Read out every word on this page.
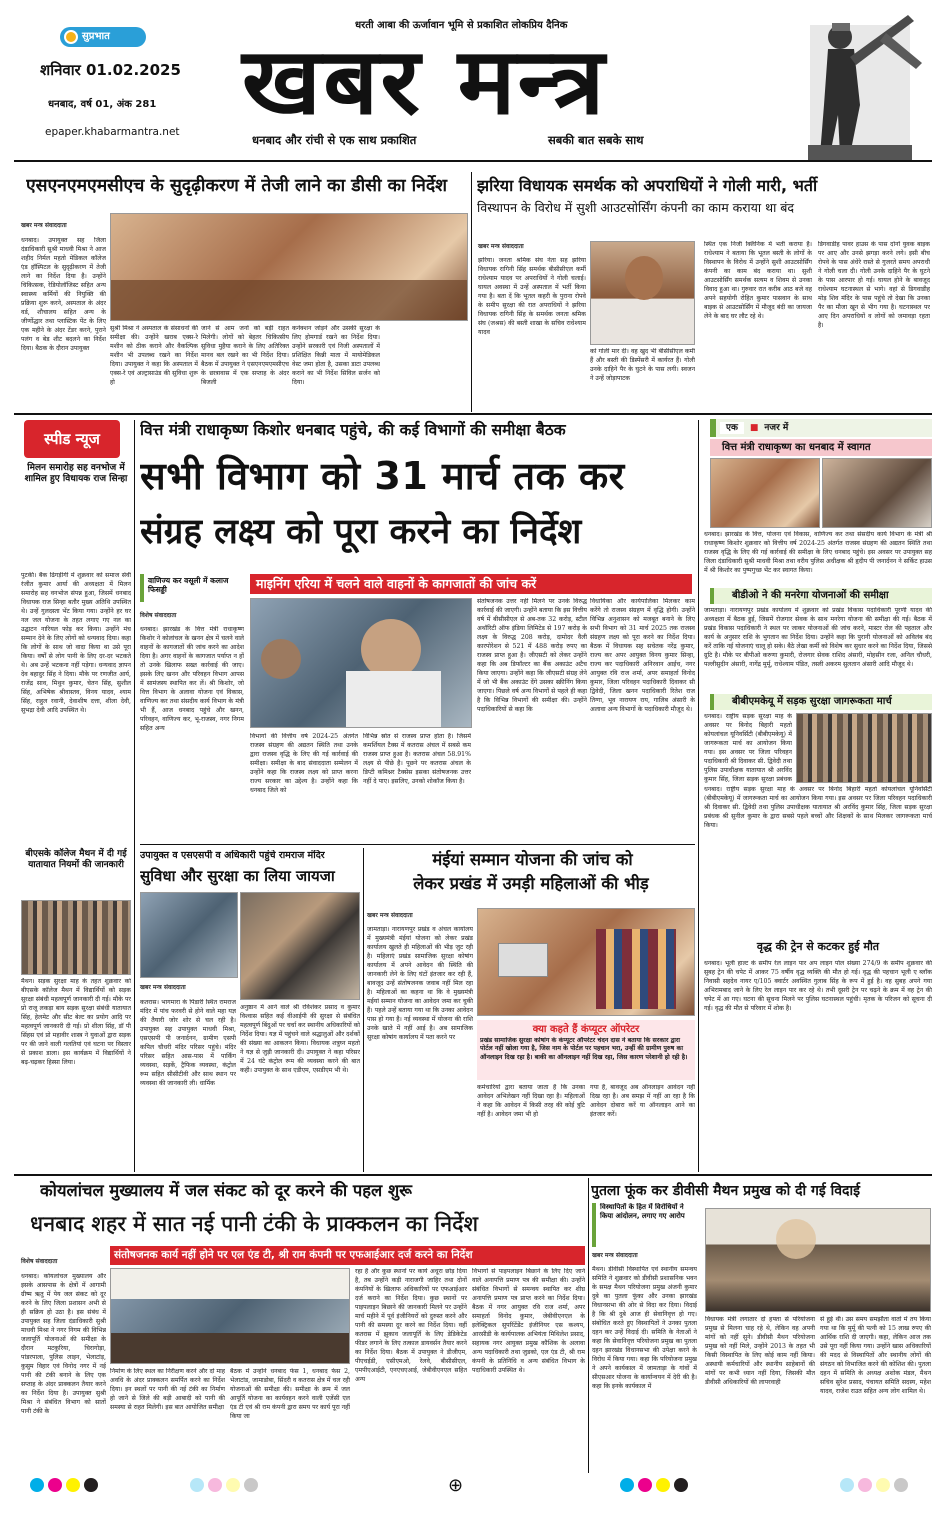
सुप्रभात
धरती आबा की ऊर्जावान भूमि से प्रकाशित लोकप्रिय दैनिक
शनिवार 01.02.2025
धनबाद, वर्ष 01, अंक 281
epaper.khabarmantra.net खबर मन्त्र
धनबाद और रांची से एक साथ प्रकाशित	सबकी बात सबके साथ
एसएनएमएमसीएच के सुदृढ़ीकरण में तेजी लाने का डीसी का निर्देश
खबर मन्त्र संवाददाता
धनबाद। उपायुक्त सह जिला दंडाधिकारी सुश्री माधवी मिश्रा ने आज शहीद निर्मल महतो मेडिकल कॉलेज एंड हॉस्पिटल के सुदृढ़ीकरण में तेजी लाने का निर्देश दिया है। उन्होंने चिकित्सक, रेडियोलॉजिस्ट सहित अन्य स्वास्थ्य कर्मियों की नियुक्ति की प्रक्रिया शुरू करने, अस्पताल के अंदर वर्ड, शौचालय सहित अन्य के जीर्णोद्धार तथा प्लास्टिक पेंट के लिए एक महीने के अंदर टेंडर करने, पुराने पलंग व बेड शीट बदलने का निर्देश दिया। बैठक के दौरान उपायुक्त
सुश्री मिश्रा ने अस्पताल के संसाधनों की समीक्षा की। उन्होंने खराब एक्स-रे मशीन को ठीक कराने और वैकल्पिक मशीन भी उपलब्ध रखने का निर्देश दिया। उपायुक्त ने कहा कि अस्पताल में एक्स-रे एवं अल्ट्रासाउंड की सुविधा शुरू हो
जाने से आम जनों को बड़ी राहत मिलेगी। लोगों को बेहतर चिकित्सीय सुविधा मुहैया कराने के लिए अतिरिक्त मानव बल रखने का भी निर्देश दिया। बैठक में उपायुक्त ने एसएनएमएमसीएच के छात्रावास में एक सप्ताह के अंदर बिजली
कनेक्शन जोड़ने और उसकी सुरक्षा के लिए होमगार्ड रखने का निर्देश दिया। उन्होंने सरकारी एवं निजी अस्पतालों में प्रशिक्षित किन्नी माता में मायोमेडिकल वेस्ट जमा होता है, उसका डाटा उपलब्ध कराने का भी निर्देश सिविल सर्जन को दिया।
झरिया विधायक समर्थक को अपराधियों ने गोली मारी, भर्ती
विस्थापन के विरोध में सुशी आउटसोर्सिंग कंपनी का काम कराया था बंद
खबर मन्त्र संवाददाता
झरिया। जनता श्रमिक संघ नेता सह झरिया विधायक रागिनी सिंह समर्थक बीसीसीएल कर्मी राधेश्याम यादव पर अपराधियों ने गोली चलाई। घायल अवस्था में उन्हें अस्पताल में भर्ती किया गया है। बता दें कि भूतल कहरी के पुराना रोपवे के समीप सुरक्षा की रात अपराधियों ने झरिया विधायक रागिनी सिंह के समर्थक जनता श्रमिक संघ (जश्रस) की बस्ती शाखा के सचिव राधेश्याम यादव
को गोली मार दी। वह खुद भी बीसीसीएल कर्मी हैं और बस्ती की डिस्पेंसरी में कार्यरत हैं। गोली उनके दाहिने पैर के घुटने के पास लगी। स्वजन ने उन्हें जोड़ापाटक
स्थित एक निजी क्लिनिक में भर्ती कराया है। राधेश्याम ने बताया कि भूतल बस्ती के लोगों के विस्थापन के विरोध में उन्होंने सुशी आउटसोर्सिंग कंपनी का काम बंद कराया था। सुशी आउटसोर्सिंग समर्थक सत्यम व शिवम से उनका विवाद हुआ था। गुरुवार रात करीब आठ बजे वह अपने सहयोगी रोहित कुमार पासवान के साथ बाइक से आउटसोर्सिंग में मौजूद बंदी का जायजा लेने के बाद घर लौट रहे थे।
डिगवाडीह पावर हाउस के पास दोनों युवक बाइक पर आए और उनसे झगड़ा करने लगे। इसी बीच रोपवे के पास अंधेरे रास्ते से गुजरते समय अपराधी ने गोली चला दी। गोली उनके दाहिने पैर के घुटने के पास आरपार हो गई। घायल होने के बावजूद राधेश्याम घटनास्थल से भागे। वहां से डिगवाडीह मोड़ शिव मंदिर के पास पहुंचे तो देखा कि उनका पैर का मौजा खून से भीग गया है। घटनास्थल पर आए दिन अपराधियों व लोगों को जमावड़ा रहता है।
स्पीड न्यूज
मिलन समारोह सह वनभोज में शामिल हुए विधायक राज सिन्हा
पुटकी। बैंक ढिगड़ीगी में शुक्रवार को समाज सेवी रंजीत कुमार आर्या की अध्यक्षता में मिलन समारोह सह वनभोज संपन्न हुआ, जिसमें धनबाद विधायक राज सिन्हा बतौर मुख्य अतिथि उपस्थित थे। उन्हें गुलदस्ता भेंट किया गया। उन्होंने हर घर नल जल योजना के तहत लगाए गए नल का उद्घाटन नारियल फोड़ कर किया। उन्होंने मंच सम्मान देने के लिए लोगों को धन्यवाद दिया। कहा कि लोगों के साथ जो वादा किया था उसे पूरा किया। वर्षों से लोग पानी के लिए दर-दर भटकते थे। अब उन्हें भटकना नहीं पड़ेगा। धन्यवाद ज्ञापन देव बहादुर सिंह ने दिया। मौके पर रणजीत आर्य, राजेंद्र साव, मिथुन कुमार, चेतन सिंह, सुशील सिंह, अभिषेक श्रीवास्तव, विनय यादव, श्याम सिंह, राहुल रवानी, देवाशीष दत्ता, शीला देवी, सुभद्रा देवी आदि उपस्थित थे।
बीएसके कॉलेज मैथन में दी गई यातायात नियमों की जानकारी
मैथन। सड़क सुरक्षा माह के तहत शुक्रवार को बीएसके कॉलेज मैथन में विद्यार्थियों को सड़क सुरक्षा संबंधी महत्वपूर्ण जानकारी दी गई। मौके पर प्रो राजू लकड़ा बाय सड़क सुरक्षा संबंधी यातायात सिंह, हेलमेट और सीट बेल्ट का प्रयोग आदि पर महत्वपूर्ण जानकारी दी गई। प्रो शीला सिंह, डॉ पी सिंहस एवं प्रो महावीर शास्त्र ने युवाओं द्वारा सड़क पर की जाने वाली गलतियां एवं घटना पर विस्तार से प्रकाश डाला। इस कार्यक्रम में विद्यार्थियों ने बढ़-चढ़कर हिस्सा लिया।
वित्त मंत्री राधाकृष्ण किशोर धनबाद पहुंचे, की कई विभागों की समीक्षा बैठक
सभी विभाग को 31 मार्च तक कर
संग्रह लक्ष्य को पूरा करने का निर्देश
माइनिंग एरिया में चलने वाले वाहनों के कागजातों की जांच करें
वाणिज्य कर वसूली में कलाज फिसड्डी
विशेष संवाददाता
धनबाद। झारखंड के वित्त मंत्री राधाकृष्ण किशोर ने कोलांचल के खनन क्षेत्र में चलने वाले वाहनों के कागजातों की जांच करने का आदेश दिया है। अगर वाहनों के कागजात पर्याप्त न हों तो उनके खिलाफ सख्त कार्रवाई की जाए। इसके लिए खनन और परिवहन विभाग आपस में सामंजस्य स्थापित कर लें। श्री किशोर, जो वित्त विभाग के अलावा योजना एवं विकास, वाणिज्य कर तथा संसदीय कार्य विभाग के मंत्री भी हैं, आज धनबाद पहुंचे और खनन, परिवहन, वाणिज्य कर, भू-राजस्व, नगर निगम सहित अन्य
विभागों की वित्तीय वर्ष 2024-25 अंतर्गत राजस्व संग्रहण की अद्यतन स्थिति तथा उनके द्वारा राजस्व वृद्धि के लिए की गई कार्रवाई की समीक्षा। समीक्षा के बाद संवाददाता सम्मेलन में उन्होंने कहा कि राजस्व लक्ष्य को प्राप्त करना राज्य सरकार का उद्देश्य है। उन्होंने कहा कि धनबाद जिले को
विभिन्न स्रोत से राजस्व प्राप्त होता है। जिसमें कमर्शियल टैक्स में कतरास अंचल में सबसे कम राजस्व प्राप्त हुआ है। कतरास अंचल 58.91% लक्ष्य से पीछे है। पूछने पर कतरास अंचल के डिप्टी कमिश्नर टैक्सेस इसका संतोषजनक उत्तर नहीं दे पाए। इसलिए, उनको शोकॉज किया है।
संतोषजनक उत्तर नहीं मिलने पर उनके विरुद्ध कार्रवाई की जाएगी। उन्होंने बताया कि इस वित्तीय वर्ष में बीसीसीएल से अब-तक 32 करोड़, स्टील अथॉरिटी ऑफ इंडिया लिमिटेड से 197 करोड़ के लक्ष्य के विरुद्ध 208 करोड़, दामोदर वैली कारपोरेशन से 521 में 488 करोड़ रुपए का राजस्व प्राप्त हुआ है। जीएसटी को लेकर उन्होंने कहा कि अब डिफॉल्टर का बैंक अकाउंट अटैच किया जाएगा। उन्होंने कहा कि जीएसटी संग्रह लेने में जो भी बैंक अकाउंट देंगे उसका स्क्रीनिंग किया जाएगा। पिछले वर्ष अन्य विभागों से पहले ही कहा है कि विभिन्न विभागों की समीक्षा की। उन्होंने पदाधिकारियों से कहा कि
विधायिका और कार्यपालिका मिलकर काम करेंगे तो राजस्व संग्रहण में वृद्धि होगी। उन्होंने विभिन्न अनुशासन को मजबूत बनाने के लिए सभी विभाग को 31 मार्च 2025 तक राजस्व संग्रहण लक्ष्य को पूरा करने का निर्देश दिया। बैठक में विधायक सह सचेतक नरेंद्र कुमार, राज्य कर अपर आयुक्त विनय कुमार सिन्हा, राज्य कर पदाधिकारी अनिरवान आईच, नगर आयुक्त रवि राज शर्मा, अपर समाहर्ता विनोद कुमार, जिला परिवहन पदाधिकारी दिवाकर सी द्विवेदी, जिला खनन पदाधिकारी रितेश राज तिग्गा, भूव नारायण राय, गालिब अंसारी के अलावा अन्य विभागों के पदाधिकारी मौजूद थे।
एक	■ नजर में
वित्त मंत्री राधाकृष्ण का धनबाद में स्वागत
धनबाद। झारखंड के वित्त, योजना एवं विकास, वाणिज्य कर तथा संसदीय कार्य विभाग के मंत्री श्री राधाकृष्ण किशोर शुक्रवार को वित्तीय वर्ष 2024-25 अंतर्गत राजस्व संग्रहण की अद्यतन स्थिति तथा राजस्व वृद्धि के लिए की गई कार्रवाई की समीक्षा के लिए धनबाद पहुंचे। इस अवसर पर उपायुक्त सह जिला दंडाधिकारी सुश्री माधवी मिश्रा तथा वरीय पुलिस अधीक्षक श्री हृदीप पी जनार्दनन ने सर्किट हाउस में श्री किशोर का पुष्पगुच्छ भेंट कर स्वागत किया।
बीडीओ ने की मनरेगा योजनाओं की समीक्षा
जामताड़ा। नारायणपुर प्रखंड कार्यालय में शुक्रवार को प्रखंड विकास पदाधिकारी पूरणी यादव की अध्यक्षता में बैठक हुई, जिसमें रोजगार सेवक के साथ मनरेगा योजना की समीक्षा की गई। बैठक में प्रखंड विकास पदाधिकारी ने स्थल पर जाकर योजनाओं की जांच करने, मास्टर रोल की पहताल और कार्य के अनुसार राशि के भुगतान का निर्देश दिया। उन्होंने कहा कि पुरानी योजनाओं को अविलंब बंद करें ताकि नई योजनाएं चालू हो सके। बैठे लेखा कर्मी को विशेष कर सुधार करने का निर्देश दिया, जिससे ग्रुटि है। मौके पर बीपीओ करुणा कुमारी, रोजगार सेवक राशिद अंसारी, मोहसीन रजा, अनिल चौधरी, पल्लीसुदीन अंसारी, नागेंद्र मुर्मू, राधेश्याम पंडित, तस्ली अकरम सुलतान अंसारी आदि मौजूद थे।
बीबीएमकेयू में सड़क सुरक्षा जागरूकता मार्च
धनबाद। राष्ट्रीय सड़क सुरक्षा माह के अवसर पर बिनोद बिहारी महतो कोयलांचल यूनिवर्सिटी (बीबीएमकेयू) में जागरूकता मार्च का आयोजन किया गया। इस अवसर पर जिला परिवहन पदाधिकारी श्री दिवाकर सी. द्विवेदी तथा पुलिस उपाधीक्षक यातायात श्री अरविंद कुमार सिंह, जिला सड़क सुरक्षा प्रबंधक
धनबाद। राष्ट्रीय सड़क सुरक्षा माह के अवसर पर बिनोद बिहारी महतो कोयलांचल यूनिवर्सिटी (बीबीएमकेयू) में जागरूकता मार्च का आयोजन किया गया। इस अवसर पर जिला परिवहन पदाधिकारी श्री दिवाकर सी. द्विवेदी तथा पुलिस उपाधीक्षक यातायात श्री अरविंद कुमार सिंह, जिला सड़क सुरक्षा प्रबंधक श्री सुनील कुमार के द्वारा सबसे पहले बच्चों और शिक्षकों के साथ मिलकर जागरूकता मार्च किया।
वृद्ध की ट्रेन से कटकर हुई मौत
धनबाद। भूली हाल्ट के समीप रेल लाइन पार अप लाइन पोल संख्या 274/9 के समीप शुक्रवार की सुबह ट्रेन की चपेट में आकर 75 वर्षीय वृद्ध व्यक्ति की मौत हो गई। वृद्ध की पहचान भूली ए ब्लॉक निवासी सहदेव नायर ए/105 क्वार्टर अवस्थित गुलाब सिंह के रूप में हुई है। वह सुबह अपने गया अभिरामबाद जाने के लिए रेल लाइन पार कर रहे थे। तभी दूसरी ट्रेन पर चढ़ने के क्रम में वह ट्रेन की चपेट में आ गए। घटना की सूचना मिलने पर पुलिस घटनास्थल पहुंची। मृतक के परिजन को सूचना दी गई। वृद्ध की मौत से परिवार में शोक है।
उपायुक्त व एसएसपी व अधिकारी पहुंचे रामराज मंदिर
सुविधा और सुरक्षा का लिया जायजा
खबर मन्त्र संवाददाता
कतरास। भागमारा के पिंडारी स्थित रामराज मंदिर में पांच फरवरी से होने वाले महा यज्ञ की तैयारी जोर शोर से चल रही है। उपायुक्त सह उपायुक्त माधवी मिश्रा, एसएसपी पी जनार्दनन, ग्रामीण एसपी कपिल चौधरी मंदिर परिसर पहुंचे। मंदिर परिसर सहित आस-पास में पार्किंग व्यवस्था, सड़कें, ट्रैफिक व्यवस्था, कंट्रोल रूम सहित सीसीटीवी और साथ स्थान पर व्यवस्था की जानकारी ली। धार्मिक
अनुष्ठान में आने वाले श्री रविशंकर प्रसाद व कुमार विश्वास सहित कई वीआईपी की सुरक्षा से संबंधित महत्वपूर्ण बिंदुओं पर चर्चा कर स्थानीय अधिकारियों को निर्देश दिया। यज्ञ में पहुंचने वाले श्रद्धालुओं और दर्शकों की संख्या का आकलन किया। विधायक शत्रुघ्न महतो ने यज्ञ से जुड़ी जानकारी दी। उपायुक्त ने कहा परिसर में 24 घंटे कंट्रोल रूम की व्यवस्था करने की बात कही। उपायुक्त के साथ एडीएम, एसडीएम भी थे।
मंईयां सम्मान योजना की जांच को
लेकर प्रखंड में उमड़ी महिलाओं की भीड़
खबर मन्त्र संवाददाता
जामताड़ा। नारायणपुर प्रखंड व अंचल कार्यालय में मुख्यमंत्री मंईयां योजना को लेकर प्रखंड कार्यालय खुलते ही महिलाओं की भीड़ जुट रही है। महिलाएं प्रखंड सामाजिक सुरक्षा कोषांग कार्यालय में अपने आवेदन की स्थिति की जानकारी लेने के लिए घंटों इंतजार कर रही हैं, बावजूद उन्हें संतोषजनक जवाब नहीं मिल रहा है। महिलाओं का कहना था कि वे मुख्यमंत्री मईयां सम्मान योजना का आवेदन जमा कर चुकी हैं। पहले उन्हें बताया गया था कि उनका आवेदन पास हो गया है। नई व्यवस्था में योजना की राशि उनके खाते में नहीं आई है। अब सामाजिक सुरक्षा कोषांग कार्यालय में पता करने पर
क्या कहते हैं कंप्यूटर ऑपरेटर
प्रखंड सामाजिक सुरक्षा कोषांग के कंप्यूटर ऑपरेटर चंदन दास ने बताया कि सरकार द्वारा पोर्टल नहीं खोला गया है, जिस नाम के पोर्टल पर पहचान भरा, उन्हीं की ग्रामीण पुरुष का ऑनलाइन दिख रहा है। बाकी का ऑनलाइन नहीं दिख रहा, जिस कारण परेशानी हो रही है।
कर्मचारियों द्वारा बताया जाता है कि उनका आवेदन अभिलेखन नहीं दिखा रहा है। महिलाओं ने कहा कि आवेदन में किसी तरह की कोई त्रुटि नहीं है। आवेदन जमा भी हो
गया है, बावजूद अब ऑनलाइन आवेदन नहीं दिख रहा है। अब समझ में नहीं आ रहा है कि आवेदन दोबारा करें या ऑनलाइन आने का इंतजार करें।
कोयलांचल मुख्यालय में जल संकट को दूर करने की पहल शुरू
धनबाद शहर में सात नई पानी टंकी के प्राक्कलन का निर्देश
संतोषजनक कार्य नहीं होने पर एल एंड टी, श्री राम कंपनी पर एफआईआर दर्ज करने का निर्देश
विशेष संवाददाता
धनबाद। कोयलांचल मुख्यालय और इसके आसपास के क्षेत्रों में आगामी ग्रीष्म ऋतु में पेय जल संकट को दूर करने के लिए जिला प्रशासन अभी से ही सक्रिय हो उठा है। इस संबंध में उपायुक्त सह जिला दंडाधिकारी सुश्री माधवी मिश्रा ने नगर निगम की विभिन्न जलापूर्ति योजनाओं की समीक्षा के दौरान मटकुरिया, चिरागोड़ा, पांडरपाला, पुलिस लाइन, भेलाटांड़, कुसुम विहार एवं विनोद नगर में नई पानी की टंकी बनाने के लिए एक सप्ताह के अंदर प्राक्कलन तैयार करने का निर्देश दिया है। उपायुक्त सुश्री मिश्रा ने संबंधित विभाग को सातों पानी टंकी के
निर्माण के लिए स्थल का निरीक्षण करने और दो माह अवधि के अंदर प्राक्कलन समर्पित करने का निर्देश दिया। इन स्थलों पर पानी की नई टंकी का निर्माण हो जाने से जिले की बड़ी आबादी को पानी की समस्या से राहत मिलेगी। इस बात आयोजित समीक्षा
बैठक में उन्होंने धनबाद फेस 1, धनबाद फेस 2, भेलाटांड, जामाडोबा, सिंदरी व कतरास क्षेत्र में चल रही योजनाओं की समीक्षा की। समीक्षा के क्रम में जल आपूर्ति योजना का कार्यवहन करने वाली एजेंसी एल एंड टी एवं श्री राम कंपनी द्वारा समय पर कार्य पूरा नहीं किया जा
रहा है और कुछ स्थानों पर कार्य अधूरा छोड़ दिया है, तब उन्होंने कड़ी नाराजगी जाहिर तथा दोनों कंपनियों के खिलाफ अधिकारियों पर एफआईआर दर्ज कराने का निर्देश दिया। कुछ स्थानों पर पाइपलाइन बिछाने की जानकारी मिलने पर उन्होंने मार्च महीने में पूर्व इंजीनियरों को दुरुस्त करने और पानी की समस्या दूर करने का निर्देश दिया। वहीं कतरास में झुकाव जलापूर्ति के लिए डेडिकेटेड फीडर लगाने के लिए तत्काल डायवर्सन तैयार करने का निर्देश दिया। बैठक में उपायुक्त ने डीजीएम, पीएचईडी, एसीएमओ, रेलवे, बीसीसीएल, एमपीएआईटी, एनएचएआई, जेबीवीएनएल सहित अन्य
विभागों से पाइपलाइन बिछाने के लिए दिए जाने वाले अनापत्ति प्रमाण पत्र की समीक्षा की। उन्होंने संबंधित विभागों से समन्वय स्थापित कर शीघ्र अनापत्ति प्रमाण पत्र प्राप्त करने का निर्देश दिया। बैठक में नगर आयुक्त रवि राज शर्मा, अपर समाहर्ता विनोद कुमार, जेबीवीएनएल के इलेक्ट्रिकल सुपरिंटेंडेंट इंजीनियर एस कश्यप, आरसीडी के कार्यपालक अभियंता मिथिलेश प्रसाद, सहायक नगर आयुक्त प्रमुख कौशिक के अलावा अन्य पदाधिकारी तथा जुडको, एल एंड टी, श्री राम कंपनी के प्रतिनिधि व अन्य संबंधित विभाग के पदाधिकारी उपस्थित थे।
पुतला फूंक कर डीवीसी मैथन प्रमुख को दी गई विदाई
विस्थापितों के हित में विरोधियों ने किया आंदोलन, लगाए गए आरोप
खबर मन्त्र संवाददाता
मैथन। डीवीसी विस्थापित एवं स्थानीय समन्वय समिति ने शुक्रवार को डीवीसी प्रशासनिक भवन के समक्ष मैथन परियोजना प्रमुख अंजनी कुमार दुबे का पुतला फूंका और उनका झारखंड विधानसभा की ओर से विदा कर दिया। विदाई है कि श्री दुबे आज ही सेवानिवृत्त हो गए। संबोधित करते हुए विस्थापितों ने उनका पुतला दहन कर उन्हें विदाई दी। समिति के नेताओं ने कहा कि सेवानिवृत्त परियोजना प्रमुख का पुतला दहन झारखंड विधानसभा की उपेक्षा करने के विरोध में किया गया। कहा कि परियोजना प्रमुख ने अपने कार्यकाल में जामताड़ा के गांवों में सीएसआर योजना के कार्यान्वयन में देरी की है। कहा कि इनके कार्यकाल में
विधायक मंत्री लगातार दो हफ्ता से परियोजना प्रमुख से मिलना चाह रहे थे, लेकिन वह अपनी मांगों को नहीं सुने। डीवीसी मैथन परियोजना प्रमुख को नहीं मिले, उन्होंने 2013 के तहत भी किसी विस्थापित के लिए कोई काम नहीं किया। अस्थायी कर्मचारियों और स्थानीय साहेबानों की मांगों पर कभी ध्यान नहीं दिया, जिसकी मौत डीवीसी अधिकारियों की लापरवाही
से हुई थी। उस समय समझौता वार्ता में तय किया गया था कि मुर्मू की पत्नी को 15 लाख रुपए की आर्थिक राशि दी जाएगी। कहा, लेकिन आज तक उसे पूरा नहीं किया गया। उन्होंने खास अधिकारियों की मदद से विस्थापितों और स्थानीय लोगों की संगठन को विभाजित करने की कोशिश की। पुतला दहन में समिति के अध्यक्ष अशोक मंडल, मैथन सचिव सुरेश प्रसाद, पंचायत समिति सदस्य, महेश यादव, राजेश राउत सहित अन्य लोग शामिल थे।
⊕
